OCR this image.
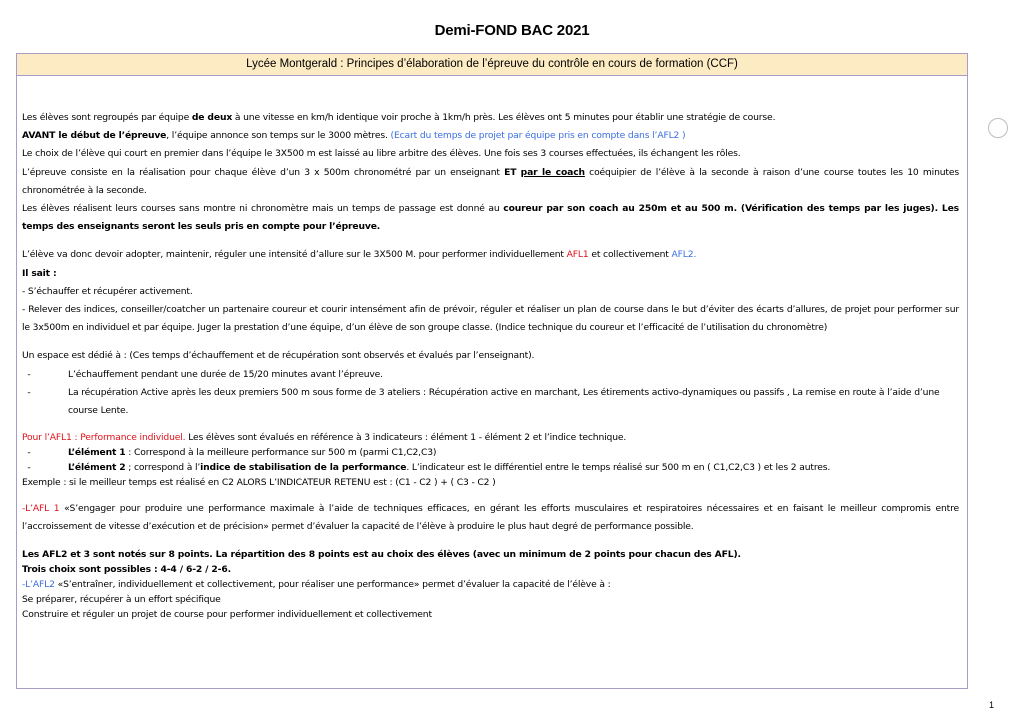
Demi-FOND BAC 2021
Lycée Montgerald : Principes d’élaboration de l’épreuve du contrôle en cours de formation (CCF)

Les élèves sont regroupés par équipe de deux à une vitesse en km/h identique voir proche à 1km/h près. Les élèves ont 5 minutes pour établir une stratégie de course.

AVANT le début de l’épreuve, l’équipe annonce son temps sur le 3000 mètres. (Ecart du temps de projet par équipe pris en compte dans l’AFL2 )

Le choix de l’élève qui court en premier dans l’équipe le 3X500 m est laissé au libre arbitre des élèves. Une fois ses 3 courses effectuées, ils échangent les rôles.

L’épreuve consiste en la réalisation pour chaque élève d’un 3 x 500m chronométré par un enseignant ET par le coach coéquipier de l’élève à la seconde à raison d’une course toutes les 10 minutes chronométrée à la seconde.

Les élèves réalisent leurs courses sans montre ni chronomètre mais un temps de passage est donné au coureur par son coach au 250m et au 500 m. (Vérification des temps par les juges). Les temps des enseignants seront les seuls pris en compte pour l’épreuve.

L’élève va donc devoir adopter, maintenir, réguler une intensité d’allure sur le 3X500 M. pour performer individuellement AFL1 et collectivement AFL2.

Il sait :

- S’échauffer et récupérer activement.

- Relever des indices, conseiller/coatcher un partenaire coureur et courir intensément afin de prévoir, réguler et réaliser un plan de course dans le but d’éviter des écarts d’allures, de projet pour performer sur le 3x500m en individuel et par équipe. Juger la prestation d’une équipe, d’un élève de son groupe classe. (Indice technique du coureur et l’efficacité de l’utilisation du chronomètre)

Un espace est dédié à : (Ces temps d’échauffement et de récupération sont observés et évalués par l’enseignant).

-	L’échauffement pendant une durée de 15/20 minutes avant l’épreuve.
-	La récupération Active après les deux premiers 500 m sous forme de 3 ateliers : Récupération active en marchant, Les étirements activo-dynamiques ou passifs , La remise en route à l’aide d’une course Lente.

Pour l’AFL1 : Performance individuel. Les élèves sont évalués en référence à 3 indicateurs : élément 1 - élément 2 et l’indice technique.

-	L’élément 1 : Correspond à la meilleure performance sur 500 m (parmi C1,C2,C3)
-	L’élément 2 ; correspond à l’indice de stabilisation de la performance. L’indicateur est le différentiel entre le temps réalisé sur 500 m en ( C1,C2,C3 ) et les 2 autres.

Exemple : si le meilleur temps est réalisé en C2 ALORS L’INDICATEUR RETENU est : (C1 - C2 ) + ( C3 - C2 )

-L’AFL 1 «S’engager pour produire une performance maximale à l’aide de techniques efficaces, en gérant les efforts musculaires et respiratoires nécessaires et en faisant le meilleur compromis entre l’accroissement de vitesse d’exécution et de précision» permet d’évaluer la capacité de l’élève à produire le plus haut degré de performance possible.

Les AFL2 et 3 sont notés sur 8 points. La répartition des 8 points est au choix des élèves (avec un minimum de 2 points pour chacun des AFL).

Trois choix sont possibles : 4-4 / 6-2 / 2-6.

-L’AFL2 «S’entraîner, individuellement et collectivement, pour réaliser une performance» permet d’évaluer la capacité de l’élève à :

Se préparer, récupérer à un effort spécifique

Construire et réguler un projet de course pour performer individuellement et collectivement

1
